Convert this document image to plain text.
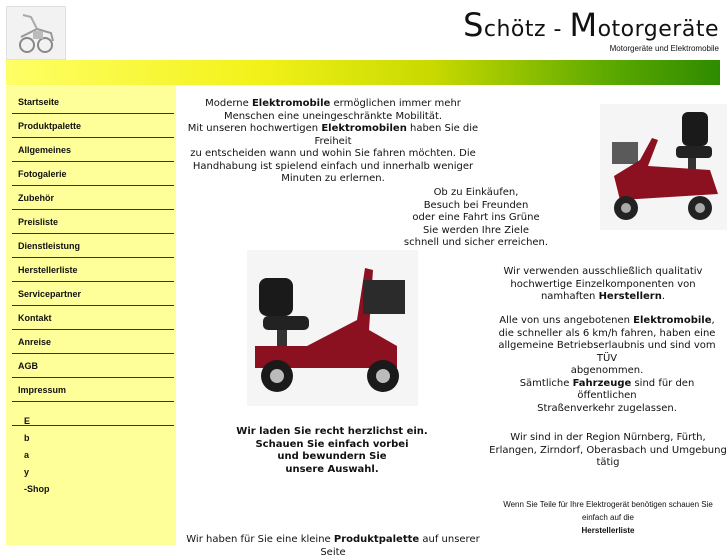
Schötz - Motorgeräte
Motorgeräte und Elektromobile
Startseite
Produktpalette
Allgemeines
Fotogalerie
Zubehör
Preisliste
Dienstleistung
Herstellerliste
Servicepartner
Kontakt
Anreise
AGB
Impressum
E
b
a
y
-Shop
Moderne Elektromobile ermöglichen immer mehr
Menschen eine uneingeschränkte Mobilität.
Mit unseren hochwertigen Elektromobilen haben Sie die Freiheit
zu entscheiden wann und wohin Sie fahren möchten. Die
Handhabung ist spielend einfach und innerhalb weniger
Minuten zu erlernen.
Ob zu Einkäufen,
Besuch bei Freunden
oder eine Fahrt ins Grüne
Sie werden Ihre Ziele
schnell und sicher erreichen.
Wir verwenden ausschließlich qualitativ
hochwertige Einzelkomponenten von
namhaften Herstellern.
Alle von uns angebotenen Elektromobile,
die schneller als 6 km/h fahren, haben eine
allgemeine Betriebserlaubnis und sind vom TÜV
abgenommen.
Sämtliche Fahrzeuge sind für den öffentlichen
Straßenverkehr zugelassen.
Wir laden Sie recht herzlichst ein.
Schauen Sie einfach vorbei
und bewundern Sie
unsere Auswahl.
Wir sind in der Region Nürnberg, Fürth,
Erlangen, Zirndorf, Oberasbach und Umgebung
tätig
Wenn Sie Teile für Ihre Elektrogerät benötigen schauen Sie
einfach auf die
Herstellerliste
Wir haben für Sie eine kleine Produktpalette auf unserer Seite
